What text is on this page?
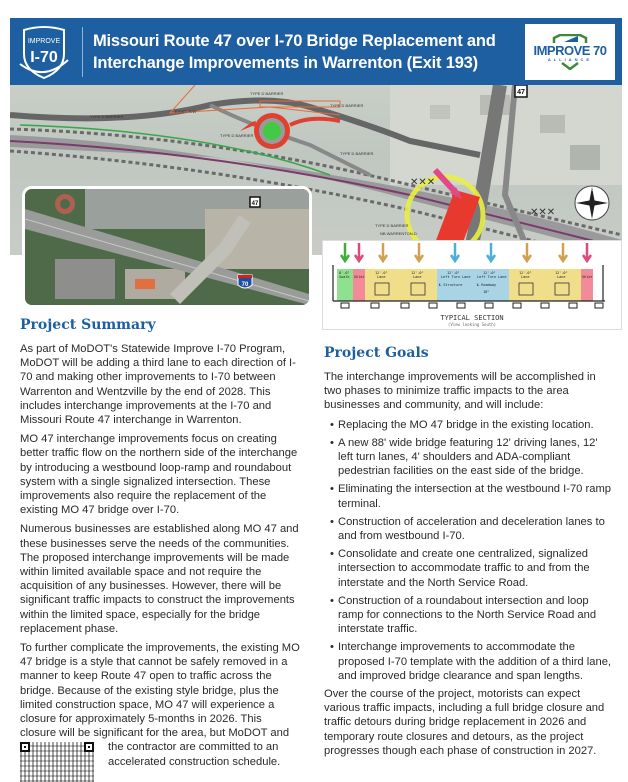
IMPROVE
I-70
Missouri Route 47 over I-70 Bridge Replacement and
Interchange Improvements in Warrenton (Exit 193)
IMPROVE 70
ALLIANCE
✕✕✕
✕✕✕
TYPE D BARRIER
TYPE D BARRIER
TYPE D BARRIER
TYPE D BARRIER
TYPE D BARRIER
TYPE D BARRIER
EXIST. R/W
NB WARRENTON-D
47
N
47
70
8'-0"
Swalk Shldr
12'-0"
Lane
12'-0"
Lane
12'-0"
Left Turn Lane
12'-0"
Left Turn Lane
12'-0"
Lane
12'-0"
Lane	Shldr
℄ Structure	℄ Roadway
18"
TYPICAL SECTION
(View looking South)
Project Summary

As part of MoDOT's Statewide Improve I-70 Program, MoDOT will be adding a third lane to each direction of I-70 and making other improvements to I-70 between Warrenton and Wentzville by the end of 2028. This includes interchange improvements at the I-70 and Missouri Route 47 interchange in Warrenton.

MO 47 interchange improvements focus on creating better traffic flow on the northern side of the interchange by introducing a westbound loop-ramp and roundabout system with a single signalized intersection. These improvements also require the replacement of the existing MO 47 bridge over I-70.

Numerous businesses are established along MO 47 and these businesses serve the needs of the communities. The proposed interchange improvements will be made within limited available space and not require the acquisition of any businesses. However, there will be significant traffic impacts to construct the improvements within the limited space, especially for the bridge replacement phase.

To further complicate the improvements, the existing MO 47 bridge is a style that cannot be safely removed in a manner to keep Route 47 open to traffic across the bridge. Because of the existing style bridge, plus the limited construction space, MO 47 will experience a closure for approximately 5-months in 2026. This closure will be significant for the area, but MoDOT and

the contractor are committed to an accelerated construction schedule.
Project Goals

The interchange improvements will be accomplished in two phases to minimize traffic impacts to the area businesses and community, and will include:

• Replacing the MO 47 bridge in the existing location.
• A new 88' wide bridge featuring 12' driving lanes, 12' left turn lanes, 4' shoulders and ADA-compliant pedestrian facilities on the east side of the bridge.
• Eliminating the intersection at the westbound I-70 ramp terminal.
• Construction of acceleration and deceleration lanes to and from westbound I-70.
• Consolidate and create one centralized, signalized intersection to accommodate traffic to and from the interstate and the North Service Road.
• Construction of a roundabout intersection and loop ramp for connections to the North Service Road and interstate traffic.
• Interchange improvements to accommodate the proposed I-70 template with the addition of a third lane, and improved bridge clearance and span lengths.

Over the course of the project, motorists can expect various traffic impacts, including a full bridge closure and traffic detours during bridge replacement in 2026 and temporary route closures and detours, as the project progresses though each phase of construction in 2027.
